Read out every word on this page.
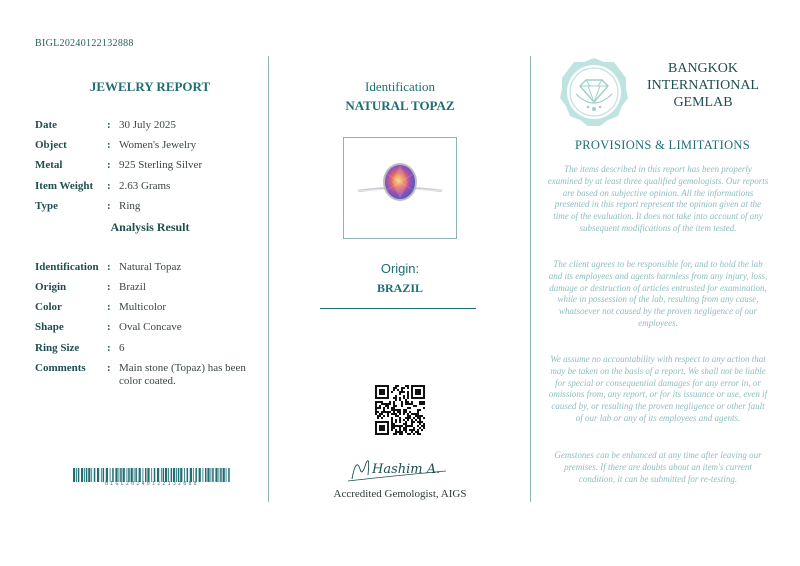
BIGL20240122132888
JEWELRY REPORT
Date	: 30 July 2025
Object	: Women's Jewelry
Metal	: 925 Sterling Silver
Item Weight	: 2.63 Grams
Type	: Ring
Analysis Result
Identification : Natural Topaz
Origin	: Brazil
Color	: Multicolor
Shape	: Oval Concave
Ring Size	: 6
Comments	: Main stone (Topaz) has been color coated.
BIGL20240122132888
Identification
NATURAL TOPAZ
Origin:
BRAZIL
Hashim A.
Accredited Gemologist, AIGS
BANGKOK
INTERNATIONAL
GEMLAB
PROVISIONS & LIMITATIONS
The items described in this report has been properly examined by at least three qualified gemologists. Our reports are based on subjective opinion. All the informations presented in this report represent the opinion given at the time of the evaluation. It does not take into account of any subsequent modifications of the item tested.
The client agrees to be responsible for, and to hold the lab and its employees and agents harmless from any injury, loss, damage or destruction of articles entrusted for examination, while in possession of the lab, resulting from any cause, whatsoever not caused by the proven negligence of our employees.
We assume no accountability with respect to any action that may be taken on the basis of a report. We shall not be liable for special or consequential damages for any error in, or omissions from, any report, or for its issuance or use, even if caused by, or resulting the proven negligence or other fault of our lab or any of its employees and agents.
Gemstones can be enhanced at any time after leaving our premises. If there are doubts about an item's current condition, it can be submitted for re-testing.
